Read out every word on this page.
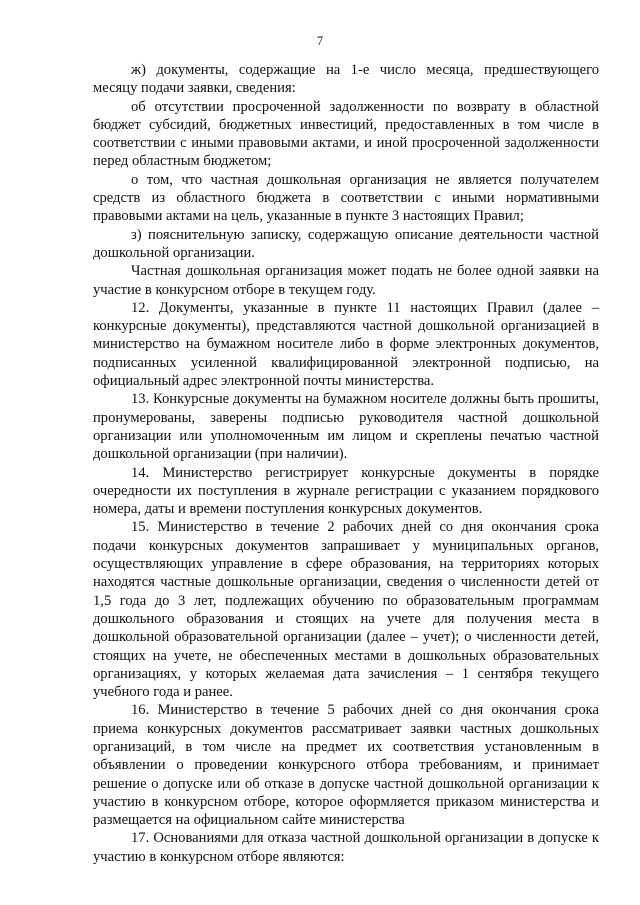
7

ж) документы, содержащие на 1-е число месяца, предшествующего месяцу подачи заявки, сведения:

об отсутствии просроченной задолженности по возврату в областной бюджет субсидий, бюджетных инвестиций, предоставленных в том числе в соответствии с иными правовыми актами, и иной просроченной задолженности перед областным бюджетом;

о том, что частная дошкольная организация не является получателем средств из областного бюджета в соответствии с иными нормативными правовыми актами на цель, указанные в пункте 3 настоящих Правил;

з) пояснительную записку, содержащую описание деятельности частной дошкольной организации.

Частная дошкольная организация может подать не более одной заявки на участие в конкурсном отборе в текущем году.

12. Документы, указанные в пункте 11 настоящих Правил (далее – конкурсные документы), представляются частной дошкольной организацией в министерство на бумажном носителе либо в форме электронных документов, подписанных усиленной квалифицированной электронной подписью, на официальный адрес электронной почты министерства.

13. Конкурсные документы на бумажном носителе должны быть прошиты, пронумерованы, заверены подписью руководителя частной дошкольной организации или уполномоченным им лицом и скреплены печатью частной дошкольной организации (при наличии).

14. Министерство регистрирует конкурсные документы в порядке очередности их поступления в журнале регистрации с указанием порядкового номера, даты и времени поступления конкурсных документов.

15. Министерство в течение 2 рабочих дней со дня окончания срока подачи конкурсных документов запрашивает у муниципальных органов, осуществляющих управление в сфере образования, на территориях которых находятся частные дошкольные организации, сведения о численности детей от 1,5 года до 3 лет, подлежащих обучению по образовательным программам дошкольного образования и стоящих на учете для получения места в дошкольной образовательной организации (далее – учет); о численности детей, стоящих на учете, не обеспеченных местами в дошкольных образовательных организациях, у которых желаемая дата зачисления – 1 сентября текущего учебного года и ранее.

16. Министерство в течение 5 рабочих дней со дня окончания срока приема конкурсных документов рассматривает заявки частных дошкольных организаций, в том числе на предмет их соответствия установленным в объявлении о проведении конкурсного отбора требованиям, и принимает решение о допуске или об отказе в допуске частной дошкольной организации к участию в конкурсном отборе, которое оформляется приказом министерства и размещается на официальном сайте министерства

17. Основаниями для отказа частной дошкольной организации в допуске к участию в конкурсном отборе являются:
